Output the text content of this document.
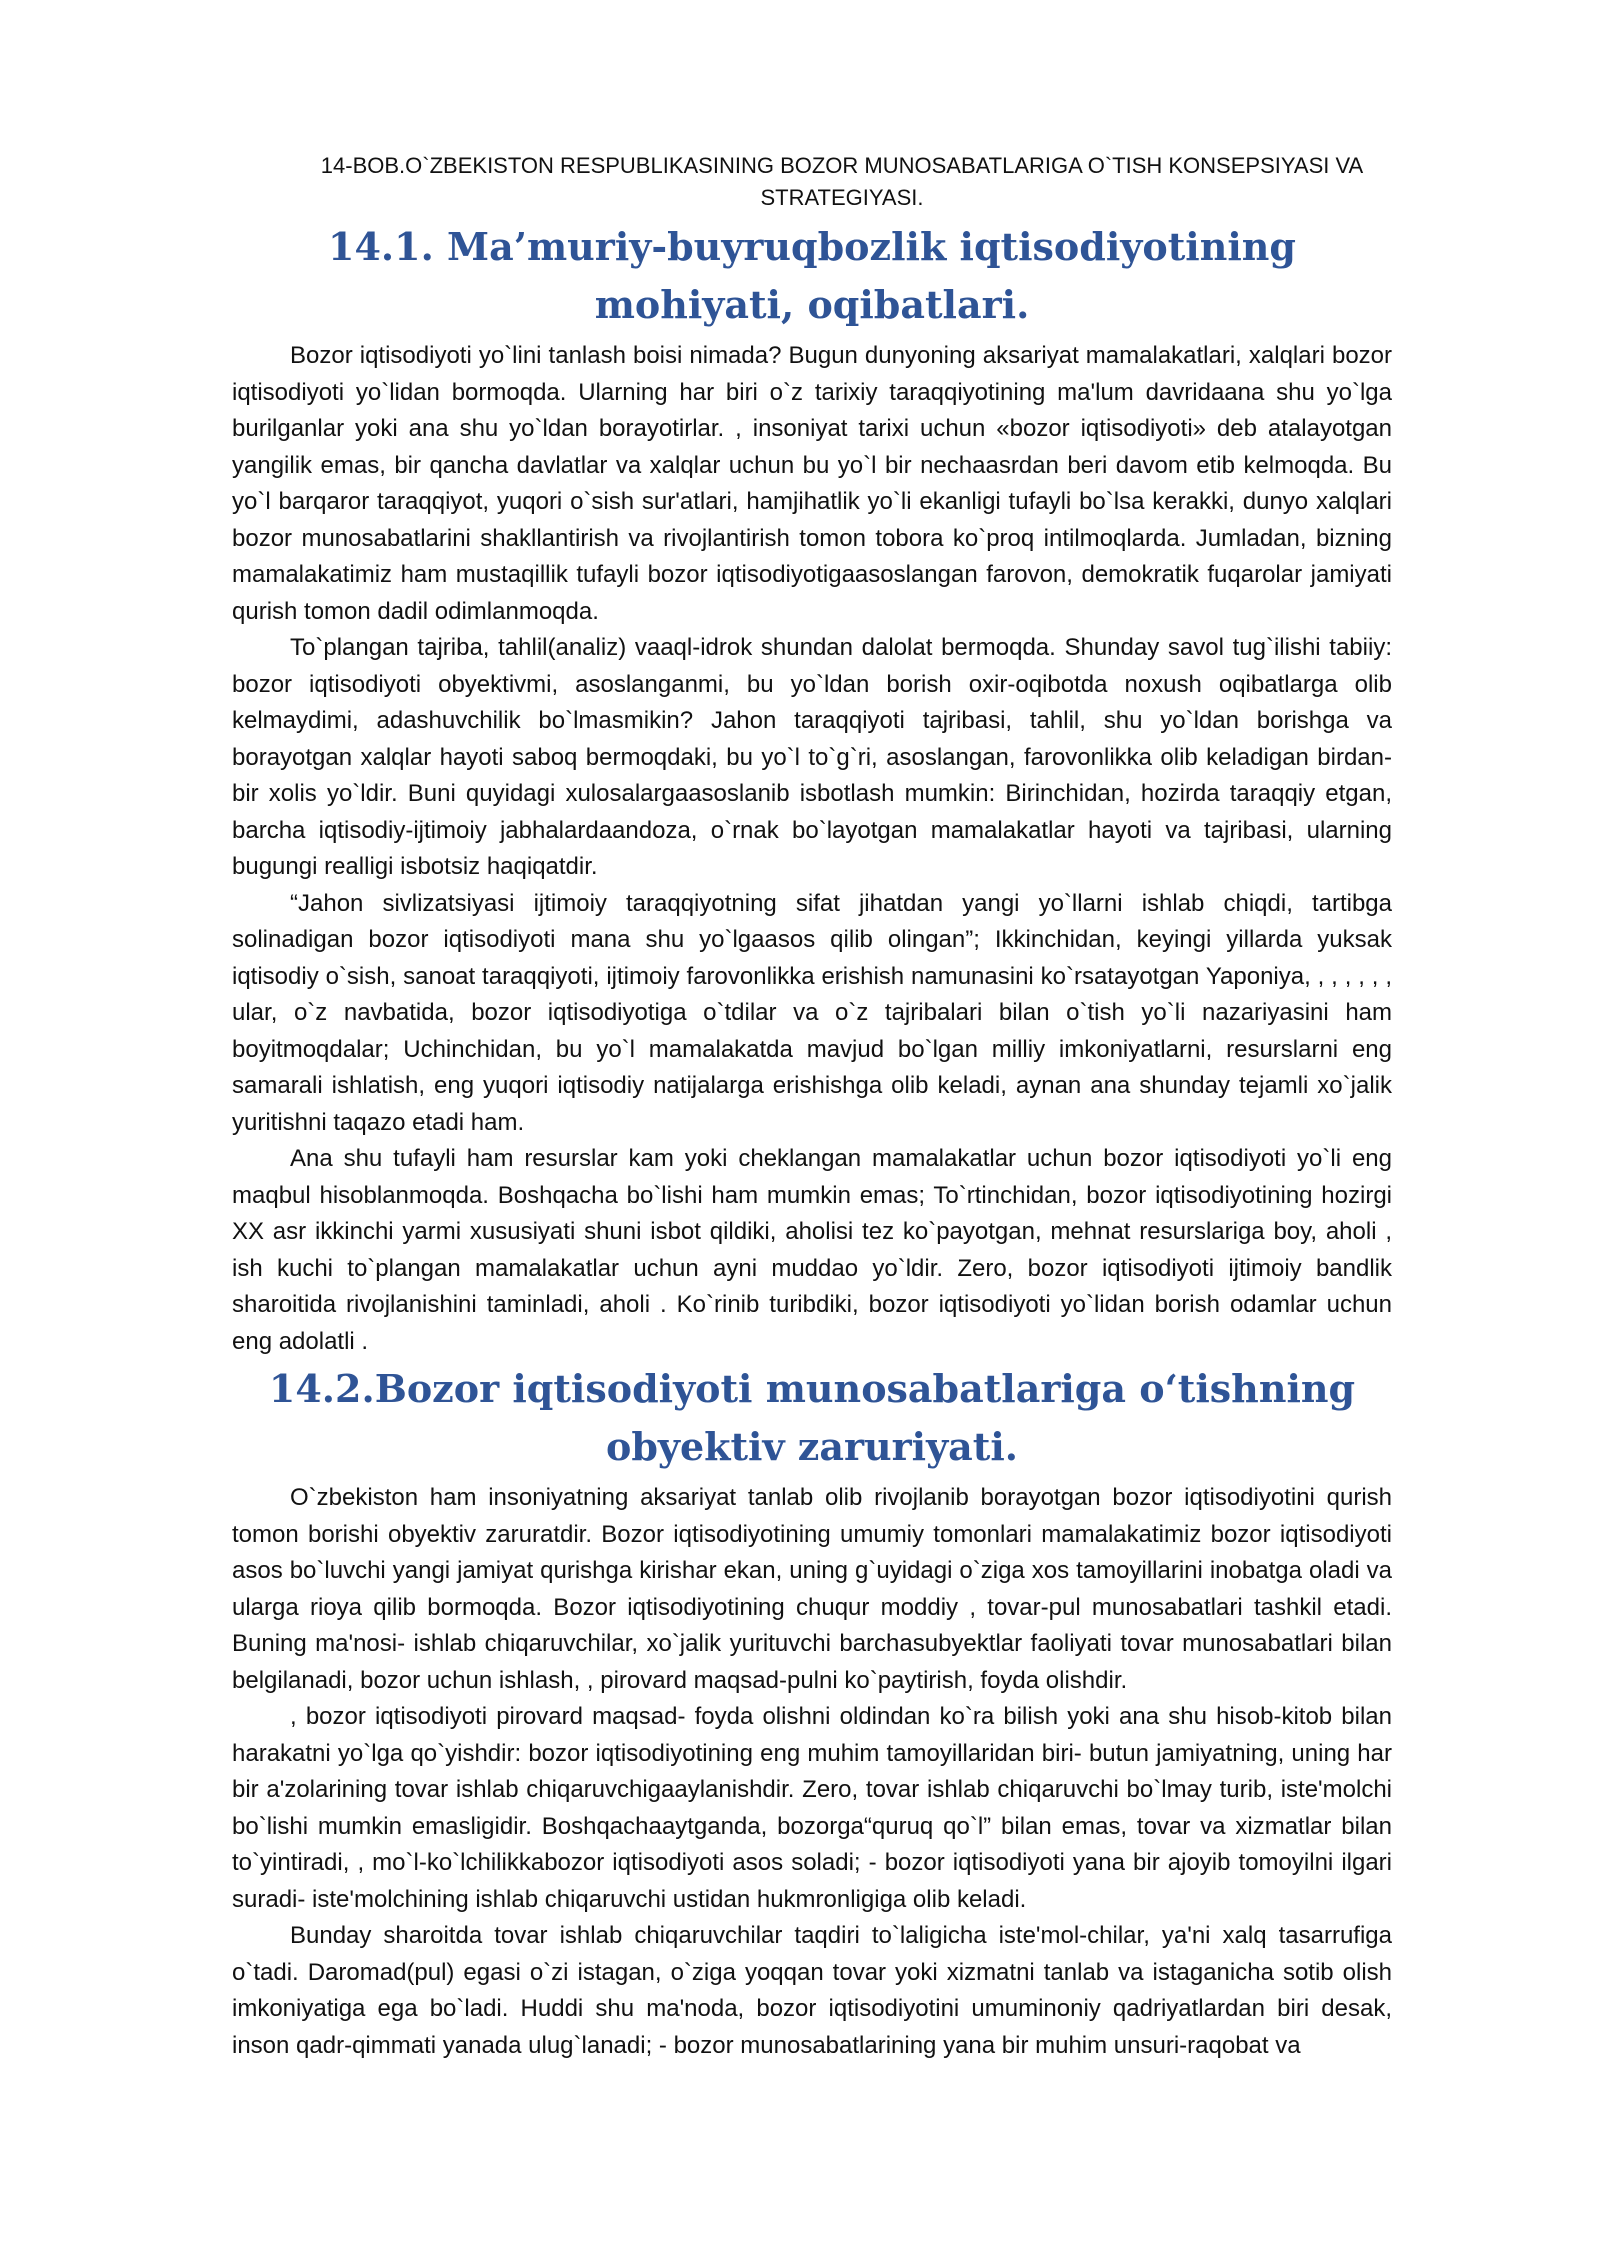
14-BOB.O`ZBEKISTON RESPUBLIKASINING BOZOR MUNOSABATLARIGA O`TISH KONSEPSIYASI VA STRATEGIYASI.
14.1. Ma’muriy-buyruqbozlik iqtisodiyotining mohiyati, oqibatlari.

Bozor iqtisodiyoti yo`lini tanlash boisi nimada? Bugun dunyoning aksariyat mamalakatlari, xalqlari bozor iqtisodiyoti yo`lidan bormoqda. Ularning har biri o`z tarixiy taraqqiyotining ma'lum davridaana shu yo`lga burilganlar yoki ana shu yo`ldan borayotirlar. , insoniyat tarixi uchun «bozor iqtisodiyoti» deb atalayotgan yangilik emas, bir qancha davlatlar va xalqlar uchun bu yo`l bir nechaasrdan beri davom etib kelmoqda. Bu yo`l barqaror taraqqiyot, yuqori o`sish sur'atlari, hamjihatlik yo`li ekanligi tufayli bo`lsa kerakki, dunyo xalqlari bozor munosabatlarini shakllantirish va rivojlantirish tomon tobora ko`proq intilmoqlarda. Jumladan, bizning mamalakatimiz ham mustaqillik tufayli bozor iqtisodiyotigaasoslangan farovon, demokratik fuqarolar jamiyati qurish tomon dadil odimlanmoqda.

To`plangan tajriba, tahlil(analiz) vaaql-idrok shundan dalolat bermoqda. Shunday savol tug`ilishi tabiiy: bozor iqtisodiyoti obyektivmi, asoslanganmi, bu yo`ldan borish oxir-oqibotda noxush oqibatlarga olib kelmaydimi, adashuvchilik bo`lmasmikin? Jahon taraqqiyoti tajribasi, tahlil, shu yo`ldan borishga va borayotgan xalqlar hayoti saboq bermoqdaki, bu yo`l to`g`ri, asoslangan, farovonlikka olib keladigan birdan-bir xolis yo`ldir. Buni quyidagi xulosalargaasoslanib isbotlash mumkin: Birinchidan, hozirda taraqqiy etgan, barcha iqtisodiy-ijtimoiy jabhalardaandoza, o`rnak bo`layotgan mamalakatlar hayoti va tajribasi, ularning bugungi realligi isbotsiz haqiqatdir.

“Jahon sivlizatsiyasi ijtimoiy taraqqiyotning sifat jihatdan yangi yo`llarni ishlab chiqdi, tartibga solinadigan bozor iqtisodiyoti mana shu yo`lgaasos qilib olingan”; Ikkinchidan, keyingi yillarda yuksak iqtisodiy o`sish, sanoat taraqqiyoti, ijtimoiy farovonlikka erishish namunasini ko`rsatayotgan Yaponiya, , , , , , , ular, o`z navbatida, bozor iqtisodiyotiga o`tdilar va o`z tajribalari bilan o`tish yo`li nazariyasini ham boyitmoqdalar; Uchinchidan, bu yo`l mamalakatda mavjud bo`lgan milliy imkoniyatlarni, resurslarni eng samarali ishlatish, eng yuqori iqtisodiy natijalarga erishishga olib keladi, aynan ana shunday tejamli xo`jalik yuritishni taqazo etadi ham.

Ana shu tufayli ham resurslar kam yoki cheklangan mamalakatlar uchun bozor iqtisodiyoti yo`li eng maqbul hisoblanmoqda. Boshqacha bo`lishi ham mumkin emas; To`rtinchidan, bozor iqtisodiyotining hozirgi XX asr ikkinchi yarmi xususiyati shuni isbot qildiki, aholisi tez ko`payotgan, mehnat resurslariga boy, aholi , ish kuchi to`plangan mamalakatlar uchun ayni muddao yo`ldir. Zero, bozor iqtisodiyoti ijtimoiy bandlik sharoitida rivojlanishini taminladi, aholi . Ko`rinib turibdiki, bozor iqtisodiyoti yo`lidan borish odamlar uchun eng adolatli .

14.2.Bozor iqtisodiyoti munosabatlariga o‘tishning obyektiv zaruriyati.

O`zbekiston ham insoniyatning aksariyat tanlab olib rivojlanib borayotgan bozor iqtisodiyotini qurish tomon borishi obyektiv zaruratdir. Bozor iqtisodiyotining umumiy tomonlari mamalakatimiz bozor iqtisodiyoti asos bo`luvchi yangi jamiyat qurishga kirishar ekan, uning g`uyidagi o`ziga xos tamoyillarini inobatga oladi va ularga rioya qilib bormoqda. Bozor iqtisodiyotining chuqur moddiy , tovar-pul munosabatlari tashkil etadi. Buning ma'nosi- ishlab chiqaruvchilar, xo`jalik yurituvchi barchasubyektlar faoliyati tovar munosabatlari bilan belgilanadi, bozor uchun ishlash, , pirovard maqsad-pulni ko`paytirish, foyda olishdir.

, bozor iqtisodiyoti pirovard maqsad- foyda olishni oldindan ko`ra bilish yoki ana shu hisob-kitob bilan harakatni yo`lga qo`yishdir: bozor iqtisodiyotining eng muhim tamoyillaridan biri- butun jamiyatning, uning har bir a'zolarining tovar ishlab chiqaruvchigaaylanishdir. Zero, tovar ishlab chiqaruvchi bo`lmay turib, iste'molchi bo`lishi mumkin emasligidir. Boshqachaaytganda, bozorga“quruq qo`l” bilan emas, tovar va xizmatlar bilan to`yintiradi, , mo`l-ko`lchilikkabozor iqtisodiyoti asos soladi; - bozor iqtisodiyoti yana bir ajoyib tomoyilni ilgari suradi- iste'molchining ishlab chiqaruvchi ustidan hukmronligiga olib keladi.

Bunday sharoitda tovar ishlab chiqaruvchilar taqdiri to`laligicha iste'mol-chilar, ya'ni xalq tasarrufiga o`tadi. Daromad(pul) egasi o`zi istagan, o`ziga yoqqan tovar yoki xizmatni tanlab va istaganicha sotib olish imkoniyatiga ega bo`ladi. Huddi shu ma'noda, bozor iqtisodiyotini umuminoniy qadriyatlardan biri desak, inson qadr-qimmati yanada ulug`lanadi; - bozor munosabatlarining yana bir muhim unsuri-raqobat va
